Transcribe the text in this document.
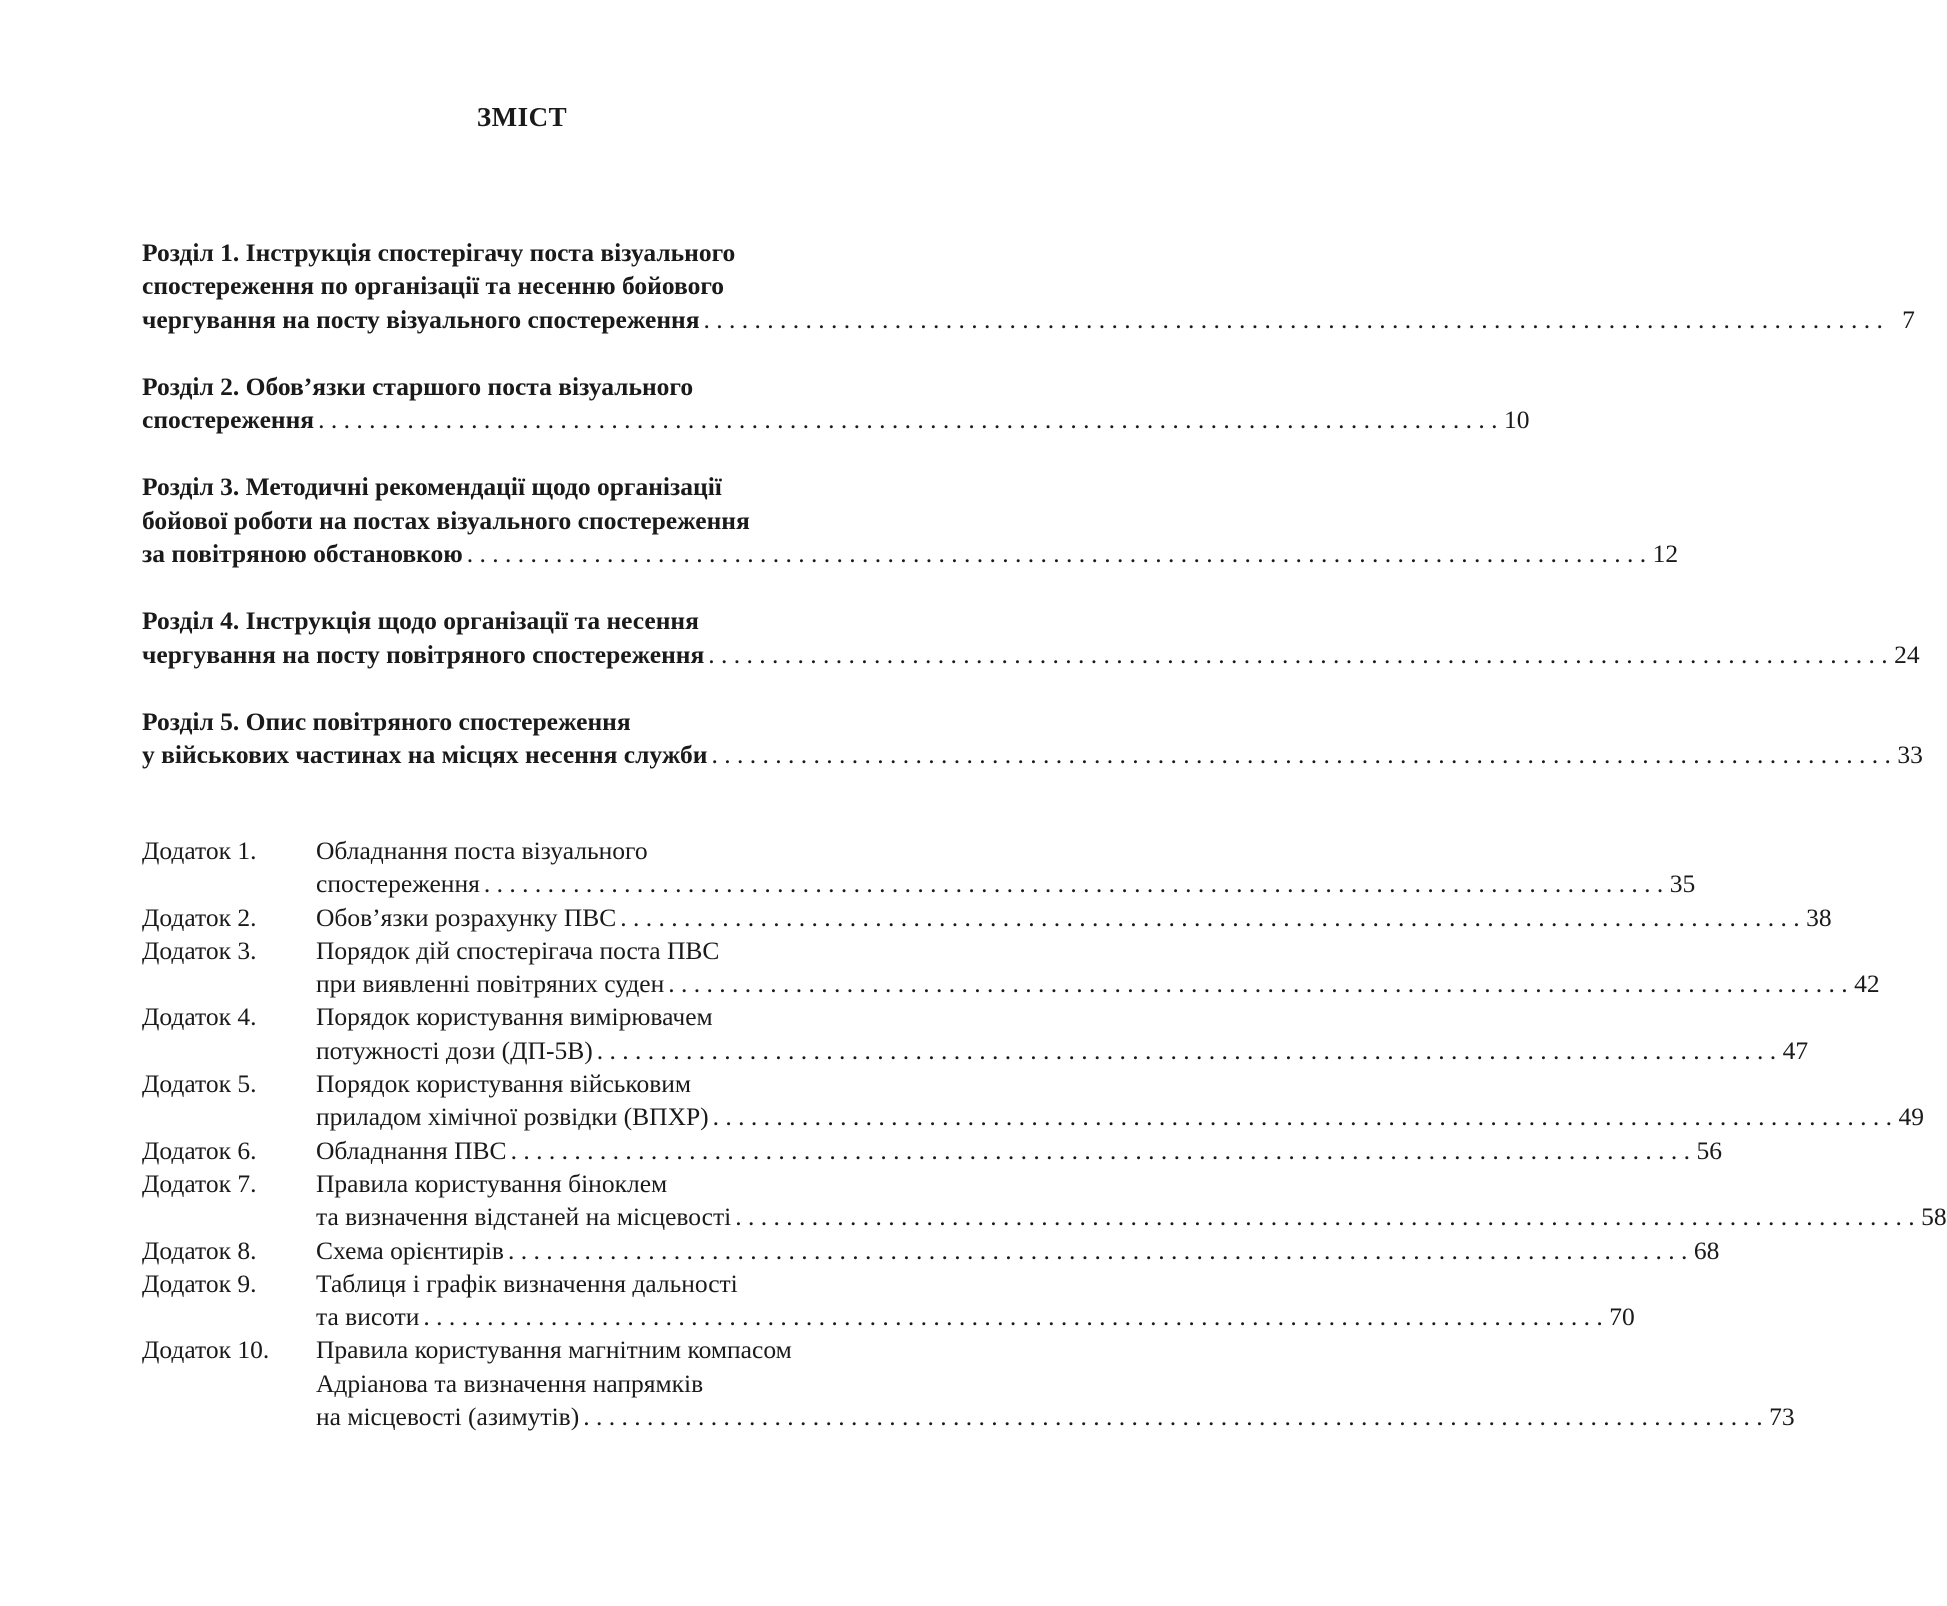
ЗМІСТ
Розділ 1. Інструкція спостерігачу поста візуального
спостереження по організації та несенню бойового
чергування на посту візуального спостереження . . .	7
Розділ 2. Обов’язки старшого поста візуального
спостереження . . .	10
Розділ 3. Методичні рекомендації щодо організації
бойової роботи на постах візуального спостереження
за повітряною обстановкою . . .	12
Розділ 4. Інструкція щодо організації та несення
чергування на посту повітряного спостереження . . .	24
Розділ 5. Опис повітряного спостереження
у військових частинах на місцях несення служби . . .	33
Додаток 1.	Обладнання поста візуального
спостереження . . .	35
Додаток 2.	Обов’язки розрахунку ПВС . . .	38
Додаток 3.	Порядок дій спостерігача поста ПВС
при виявленні повітряних суден . . .	42
Додаток 4.	Порядок користування вимірювачем
потужності дози (ДП-5В) . . .	47
Додаток 5.	Порядок користування військовим
приладом хімічної розвідки (ВПХР) . . .	49
Додаток 6.	Обладнання ПВС . . .	56
Додаток 7.	Правила користування біноклем
та визначення відстаней на місцевості . . .	58
Додаток 8.	Схема орієнтирів . . .	68
Додаток 9.	Таблиця і графік визначення дальності
та висоти . . .	70
Додаток 10.	Правила користування магнітним компасом
Адріанова та визначення напрямків
на місцевості (азимутів) . . .	73
